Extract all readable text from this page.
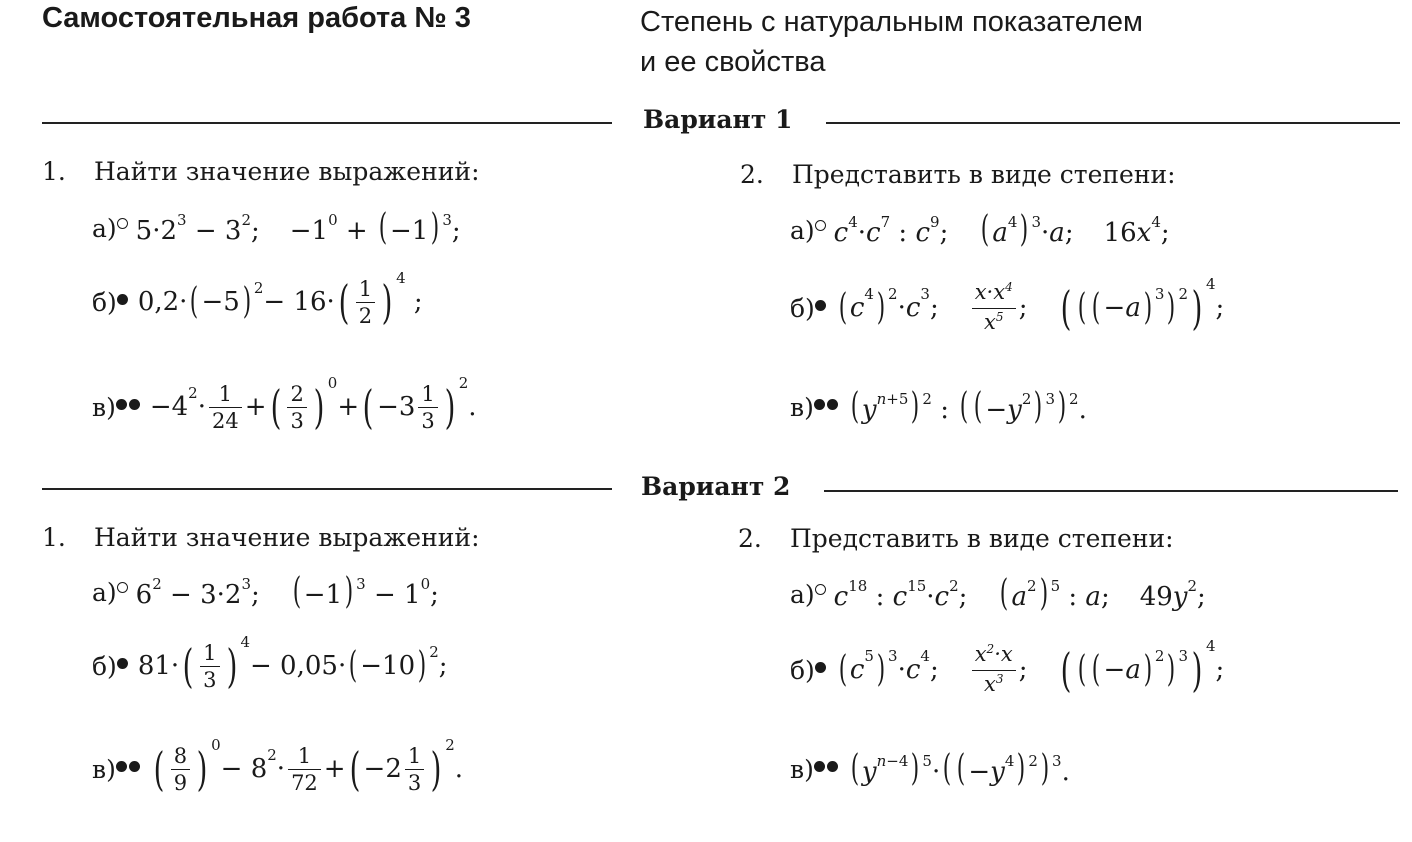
Самостоятельная работа № 3	Степень с натуральным показателем
и ее свойства
Вариант 1
1. Найти значение выражений:
а) $5\cdot 2^3 - 3^2$; $-1^0$ + ( −1) $^3$;
б) 0,2· ( −5 )$^2$ − 16· ( $\frac{1}{2} )^4$
;
в)	$-4^2 \cdot \frac{1}{24}$ + ( $\frac{2}{3} )^0$
+ ( $-3 \frac{1}{3} )^2$
.
2. Представить в виде степени:
а) $c^4\cdot c^7$ : $c^9$; ( $a^4$) $^3$·a; $16x^4$;
б) ( $c^4$ )$^2 \cdot c^3$ ; $\frac{x\cdot x^4}{x^5}$ ; ( ( ( − a )$^3$ )$^2$ )$^4$
;
в)	( $y^{n+5}$) $^2$ : ( ( $-y^2$) $^3$) $^2$.
Вариант 2
1. Найти значение выражений:
а) $6^2 - 3\cdot 2^3$; ( −1) $^3 - 1^0$;
б) 81· ( $\frac{1}{3} )^4$
− 0,05· ( −10 )$^2$ ;
в) ( $\frac{8}{9} )^0$
− $8^2 \cdot \frac{1}{72}$ + ( $-2 \frac{1}{3} )^2$
.
2. Представить в виде степени:
а) $c^{18}$ : $c^{15}\cdot c^2$; ( $a^2$) $^5$ : a; $49y^2$;
б) ( $c^5$ )$^3 \cdot c^4$ ; $\frac{x^2\cdot x}{x^3}$ ; ( ( ( − a )$^2$ )$^3$ )$^4$
;
в)	( $y^{n-4}$) $^5$·( ( $-y^4$) $^2$) $^3$.
